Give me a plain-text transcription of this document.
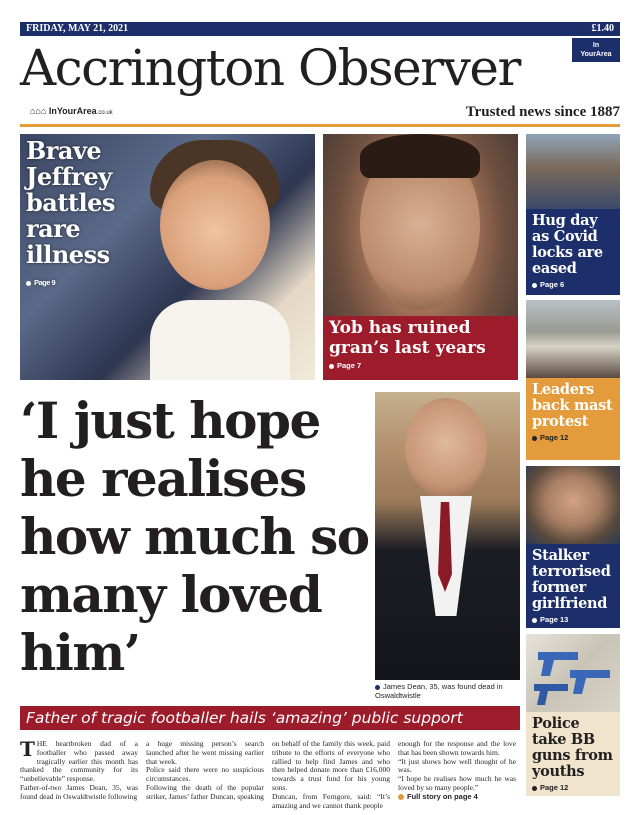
FRIDAY, MAY 21, 2021	£1.40
Accrington Observer	In
YourArea
⌂⌂⌂ InYourArea.co.uk	Trusted news since 1887
Brave Jeffrey battles rare illness
Page 9
Yob has ruined gran’s last years
Page 7
Hug day as Covid locks are eased
Page 6
Leaders back mast protest
Page 12
Stalker terrorised former girlfriend
Page 13
Police take BB guns from youths
Page 12
‘I just hope he realises how much so many loved him’
James Dean, 35, was found dead in Oswaldtwistle
Father of tragic footballer hails ‘amazing’ public support
THE heartbroken dad of a footballer who passed away tragically earlier this month has thanked the community for its “unbelievable” response.
Father-of-two James Dean, 35, was found dead in Oswaldtwistle following
a huge missing person’s search launched after he went missing earlier that week.
Police said there were no suspicious circumstances.
Following the death of the popular striker, James’ father Duncan, speaking
on behalf of the family this week, paid tribute to the efforts of everyone who rallied to help find James and who then helped donate more than £16,000 towards a trust fund for his young sons.
Duncan, from Ferngore, said: “It’s amazing and we cannot thank people
enough for the response and the love that has been shown towards him.
“It just shows how well thought of he was.
“I hope he realises how much he was loved by so many people.”
Full story on page 4
